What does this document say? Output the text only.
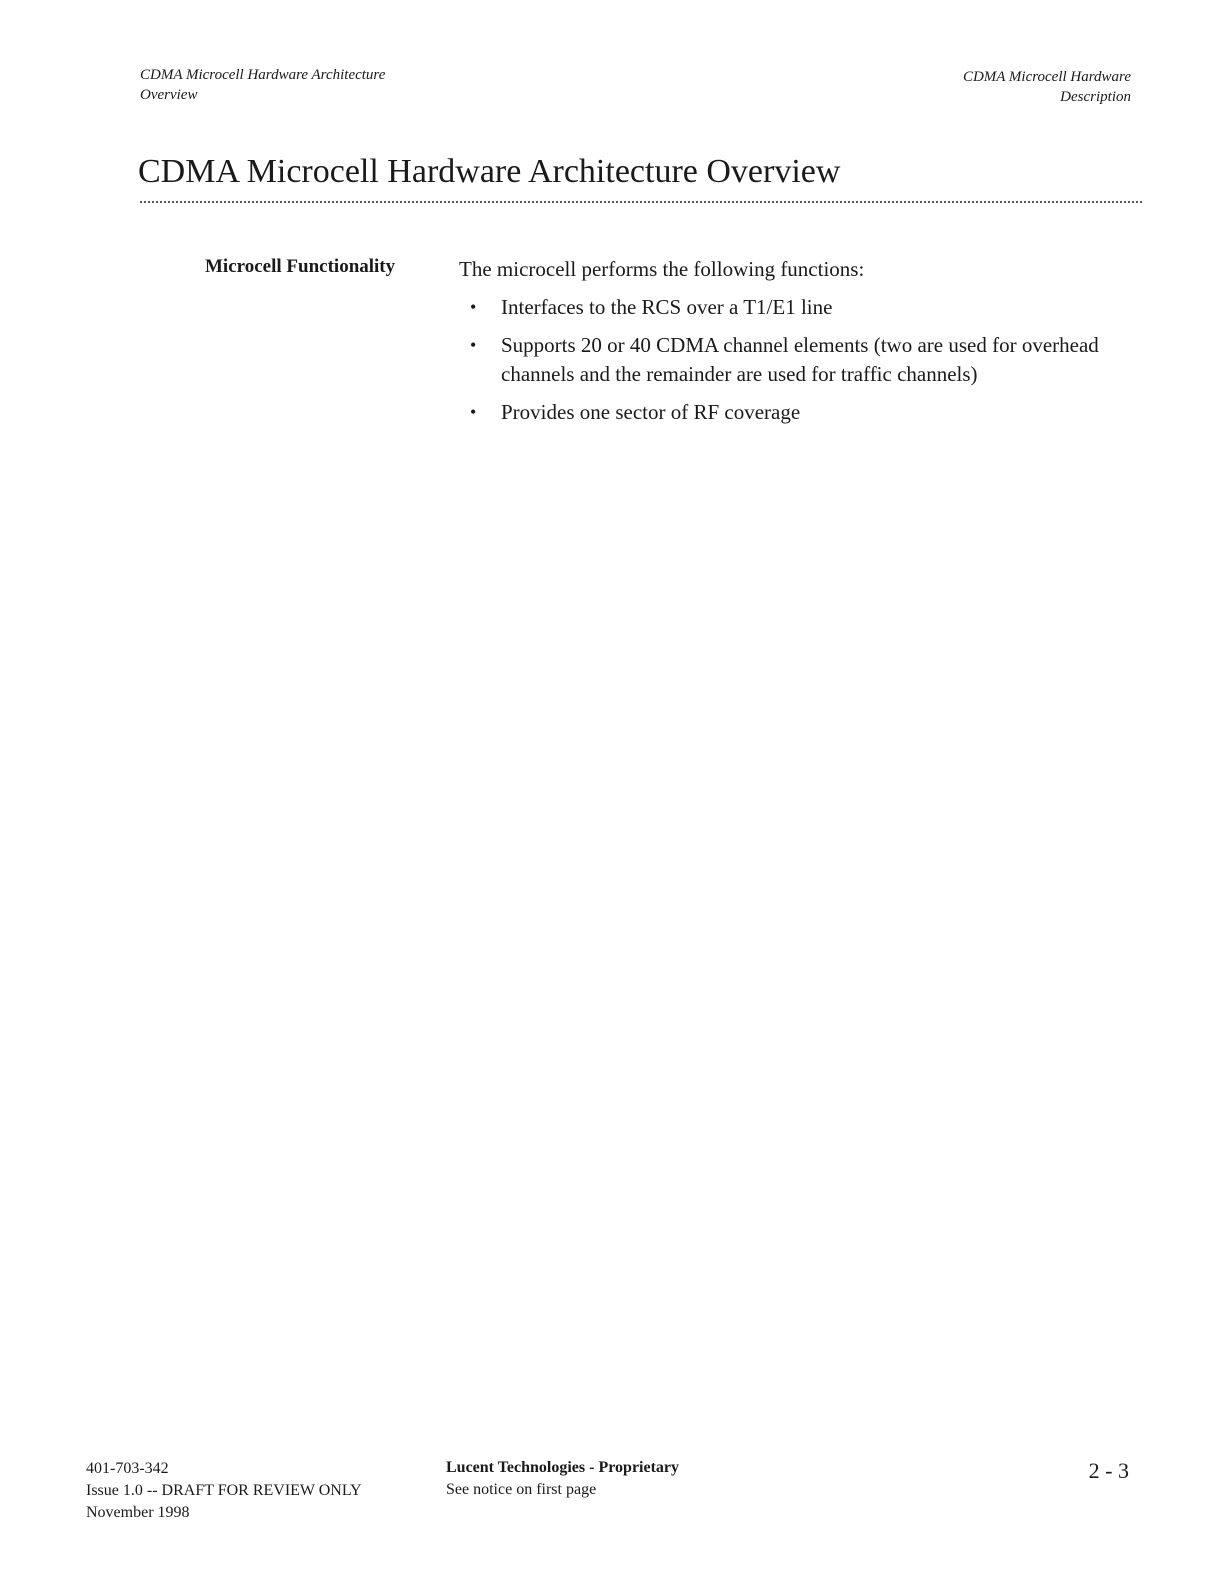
CDMA Microcell Hardware Architecture
Overview
CDMA Microcell Hardware
Description
CDMA Microcell Hardware Architecture Overview
Microcell Functionality	The microcell performs the following functions:
• Interfaces to the RCS over a T1/E1 line
• Supports 20 or 40 CDMA channel elements (two are used for overhead channels and the remainder are used for traffic channels)
• Provides one sector of RF coverage
401-703-342
Issue 1.0 -- DRAFT FOR REVIEW ONLY
November 1998
Lucent Technologies - Proprietary
See notice on first page
2 - 3
